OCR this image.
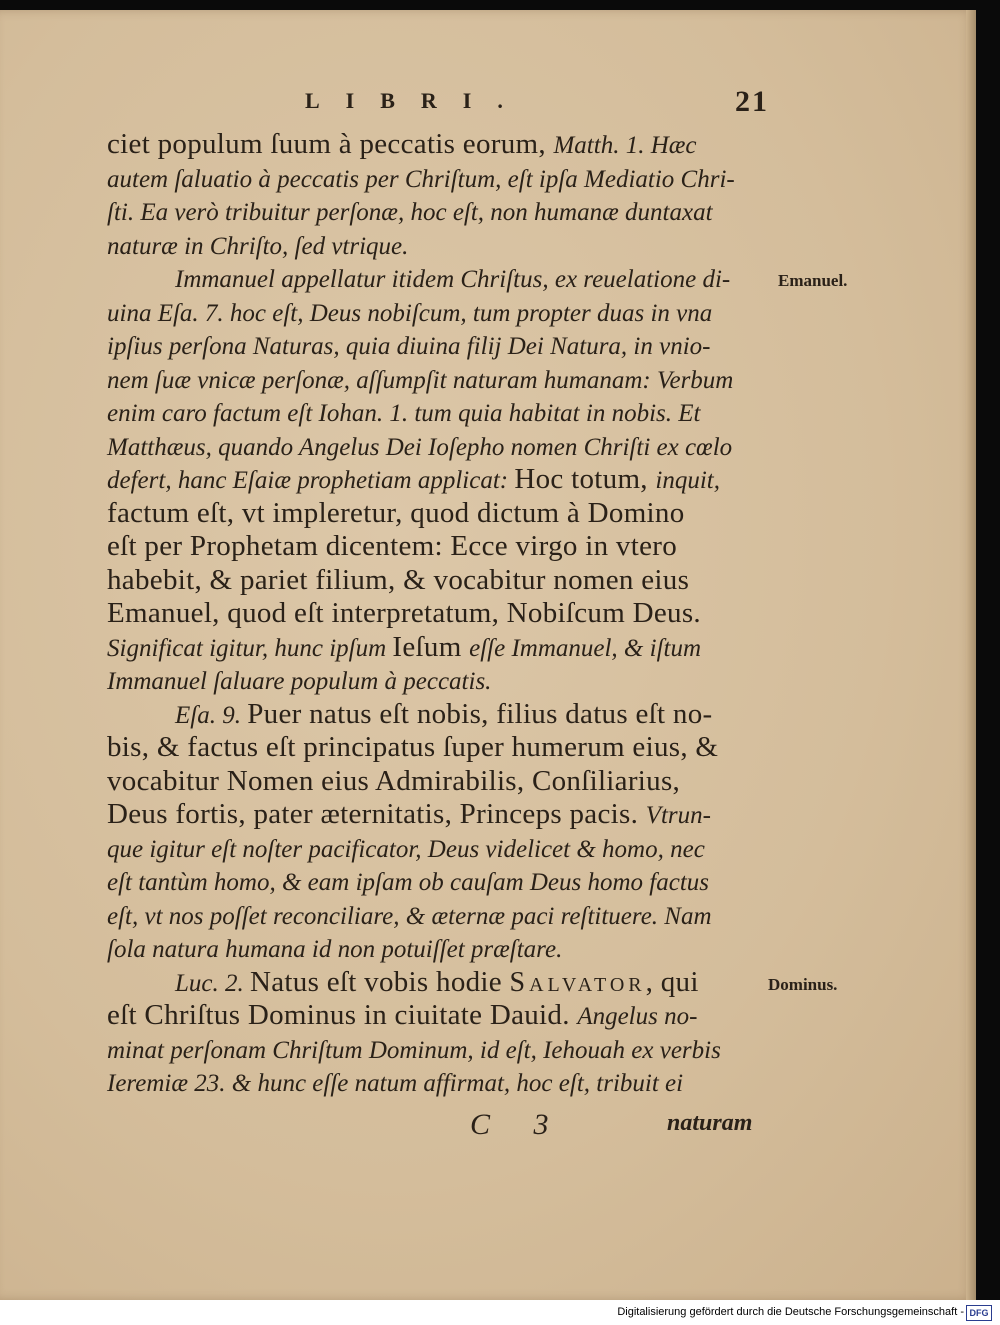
LIBRI.	21
ciet populum ſuum à peccatis eorum, Matth. 1. Hæc
autem ſaluatio à peccatis per Chriſtum, eſt ipſa Mediatio Chri-
ſti. Ea verò tribuitur perſonæ, hoc eſt, non humanæ duntaxat
naturæ in Chriſto, ſed vtrique.
Immanuel appellatur itidem Chriſtus, ex reuelatione di-
uina Eſa. 7. hoc eſt, Deus nobiſcum, tum propter duas in vna
ipſius perſona Naturas, quia diuina filij Dei Natura, in vnio-
nem ſuæ vnicæ perſonæ, aſſumpſit naturam humanam: Verbum
enim caro factum eſt Iohan. 1. tum quia habitat in nobis. Et
Matthæus, quando Angelus Dei Ioſepho nomen Chriſti ex cœlo
defert, hanc Eſaiæ prophetiam applicat: Hoc totum, inquit,
factum eſt, vt impleretur, quod dictum à Domino
eſt per Prophetam dicentem: Ecce virgo in vtero
habebit, & pariet filium, & vocabitur nomen eius
Emanuel, quod eſt interpretatum, Nobiſcum Deus.
Significat igitur, hunc ipſum Ieſum eſſe Immanuel, & iſtum
Immanuel ſaluare populum à peccatis.
Eſa. 9. Puer natus eſt nobis, filius datus eſt no-
bis, & factus eſt principatus ſuper humerum eius, &
vocabitur Nomen eius Admirabilis, Conſiliarius,
Deus fortis, pater æternitatis, Princeps pacis. Vtrun-
que igitur eſt noſter pacificator, Deus videlicet & homo, nec
eſt tantùm homo, & eam ipſam ob cauſam Deus homo factus
eſt, vt nos poſſet reconciliare, & æternæ paci reſtituere. Nam
ſola natura humana id non potuiſſet præſtare.
Luc. 2. Natus eſt vobis hodie Salvator, qui
eſt Chriſtus Dominus in ciuitate Dauid. Angelus no-
minat perſonam Chriſtum Dominum, id eſt, Iehouah ex verbis
Ieremiæ 23. & hunc eſſe natum affirmat, hoc eſt, tribuit ei
Emanuel.
Dominus.
C 3	naturam
Digitalisierung gefördert durch die Deutsche Forschungsgemeinschaft - DFG
